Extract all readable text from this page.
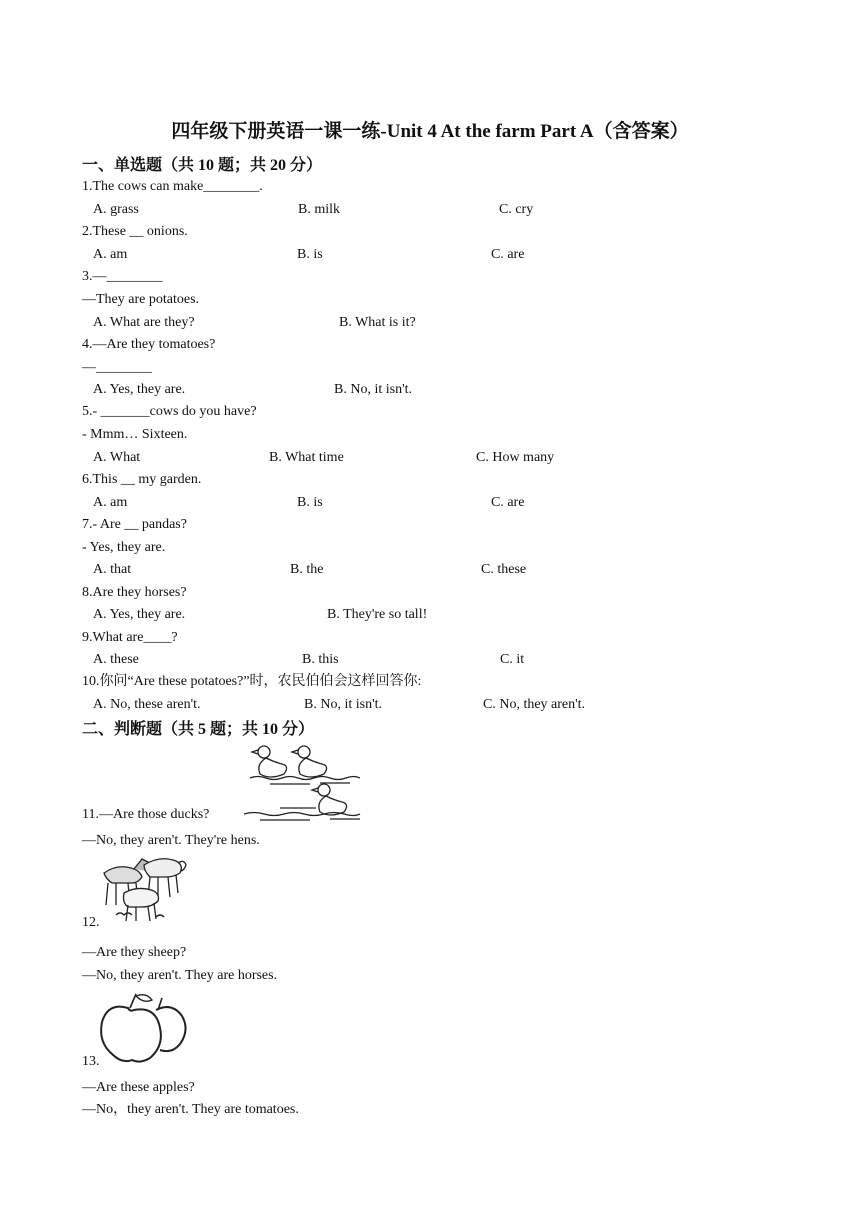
四年级下册英语一课一练-Unit 4 At the farm Part A（含答案）
一、单选题（共 10 题；共 20 分）
1.The cows can make________.
A. grass	B. milk	C. cry
2.These __ onions.
A. am	B. is	C. are
3.—________
—They are potatoes.
A. What are they?	B. What is it?
4.—Are they tomatoes?
—________
A. Yes, they are.	B. No, it isn't.
5.- _______cows do you have?
- Mmm… Sixteen.
A. What	B. What time	C. How many
6.This __ my garden.
A. am	B. is	C. are
7.- Are __ pandas?
- Yes, they are.
A. that	B. the	C. these
8.Are they horses?
A. Yes, they are.	B. They're so tall!
9.What are____?
A. these	B. this	C. it
10.你问“Are these potatoes?”时，农民伯伯会这样回答你:
A. No, these aren't.	B. No, it isn't.	C. No, they aren't.
二、判断题（共 5 题；共 10 分）
11.—Are those ducks?
—No, they aren't. They're hens.
12.
—Are they sheep?
—No, they aren't. They are horses.
13.
—Are these apples?
—No，they aren't. They are tomatoes.
